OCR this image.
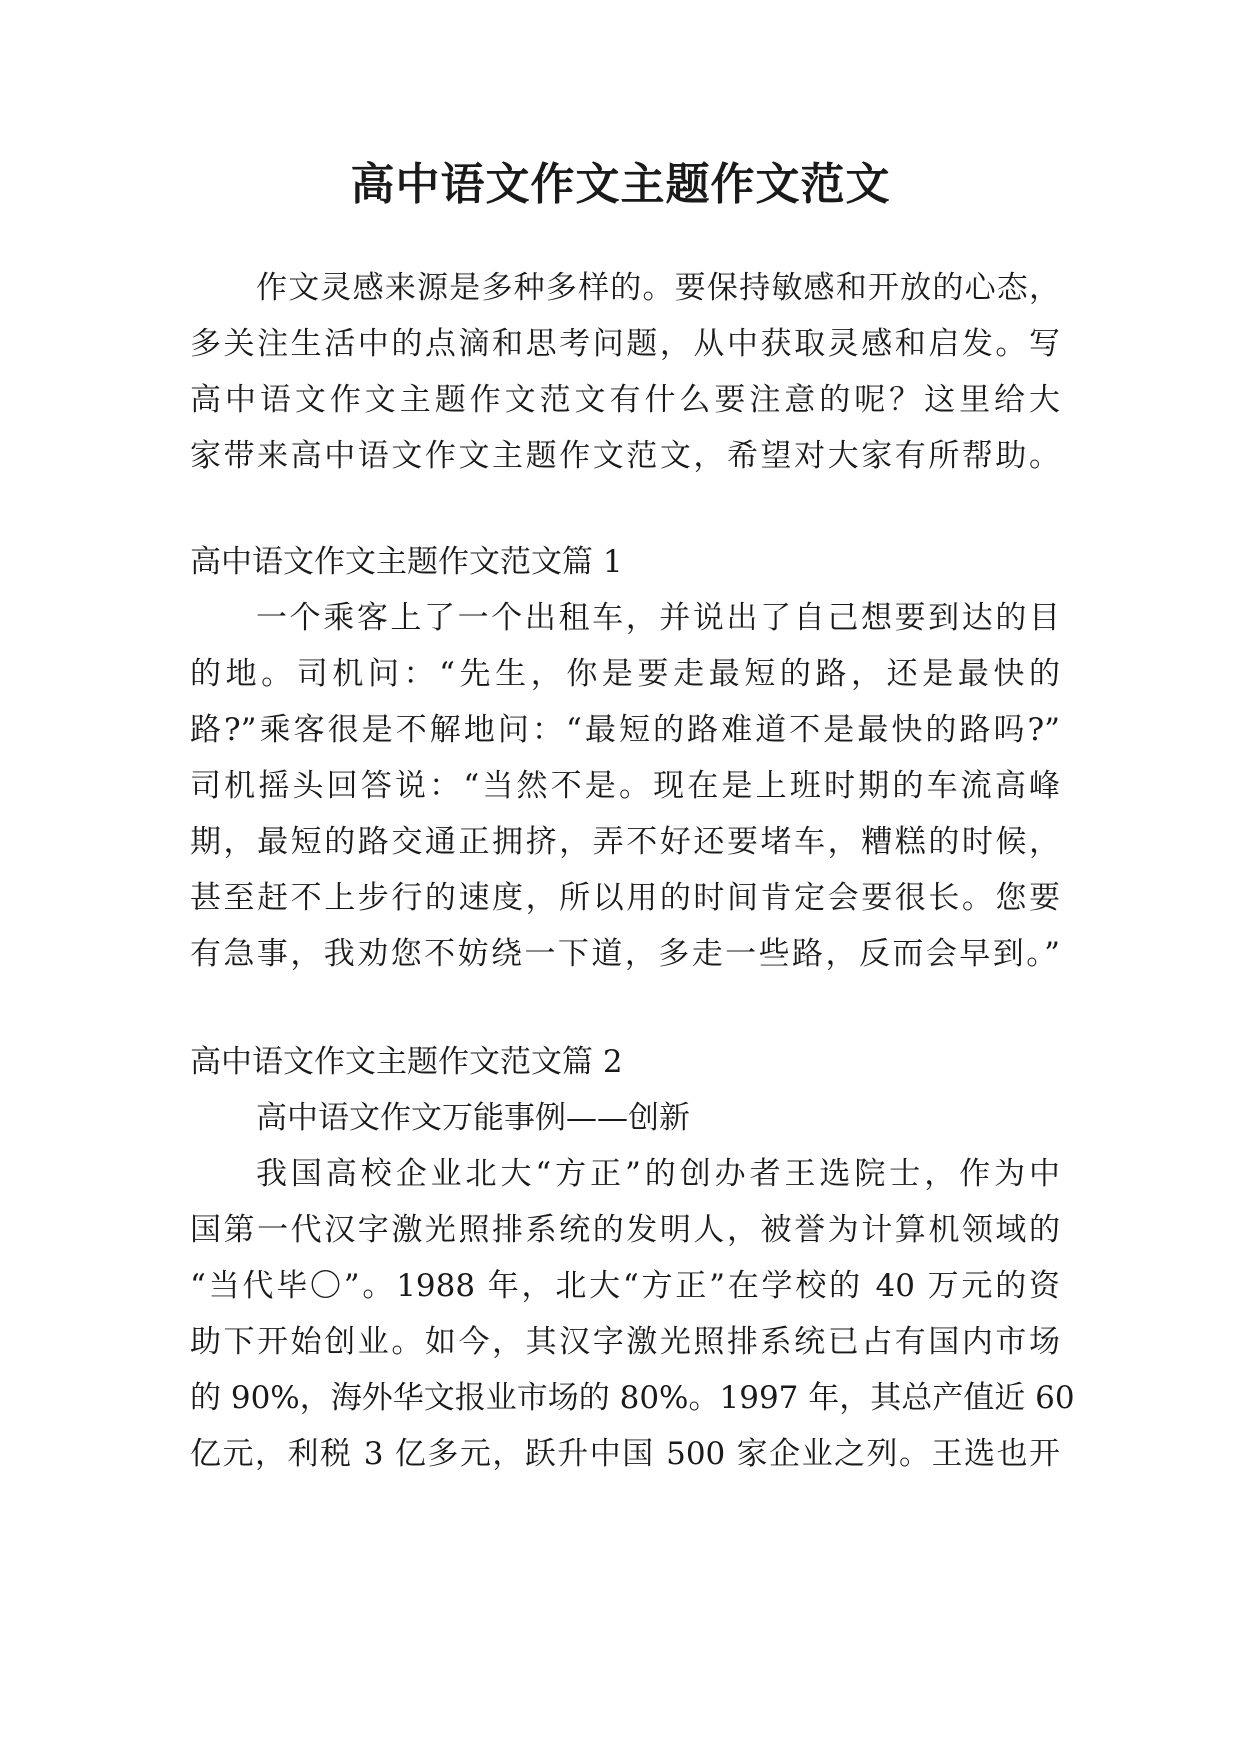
高中语文作文主题作文范文
作文灵感来源是多种多样的。要保持敏感和开放的心态，
多关注生活中的点滴和思考问题，从中获取灵感和启发。写
高中语文作文主题作文范文有什么要注意的呢？这里给大
家带来高中语文作文主题作文范文，希望对大家有所帮助。
高中语文作文主题作文范文篇 1
一个乘客上了一个出租车，并说出了自己想要到达的目
的地。司机问：“先生，你是要走最短的路，还是最快的
路?”乘客很是不解地问：“最短的路难道不是最快的路吗?”
司机摇头回答说：“当然不是。现在是上班时期的车流高峰
期，最短的路交通正拥挤，弄不好还要堵车，糟糕的时候，
甚至赶不上步行的速度，所以用的时间肯定会要很长。您要
有急事，我劝您不妨绕一下道，多走一些路，反而会早到。”
高中语文作文主题作文范文篇 2
高中语文作文万能事例——创新
我国高校企业北大“方正”的创办者王选院士，作为中
国第一代汉字激光照排系统的发明人，被誉为计算机领域的
“当代毕〇”。1988 年，北大“方正”在学校的 40 万元的资
助下开始创业。如今，其汉字激光照排系统已占有国内市场
的 90%，海外华文报业市场的 80%。1997 年，其总产值近 60
亿元，利税 3 亿多元，跃升中国 500 家企业之列。王选也开
